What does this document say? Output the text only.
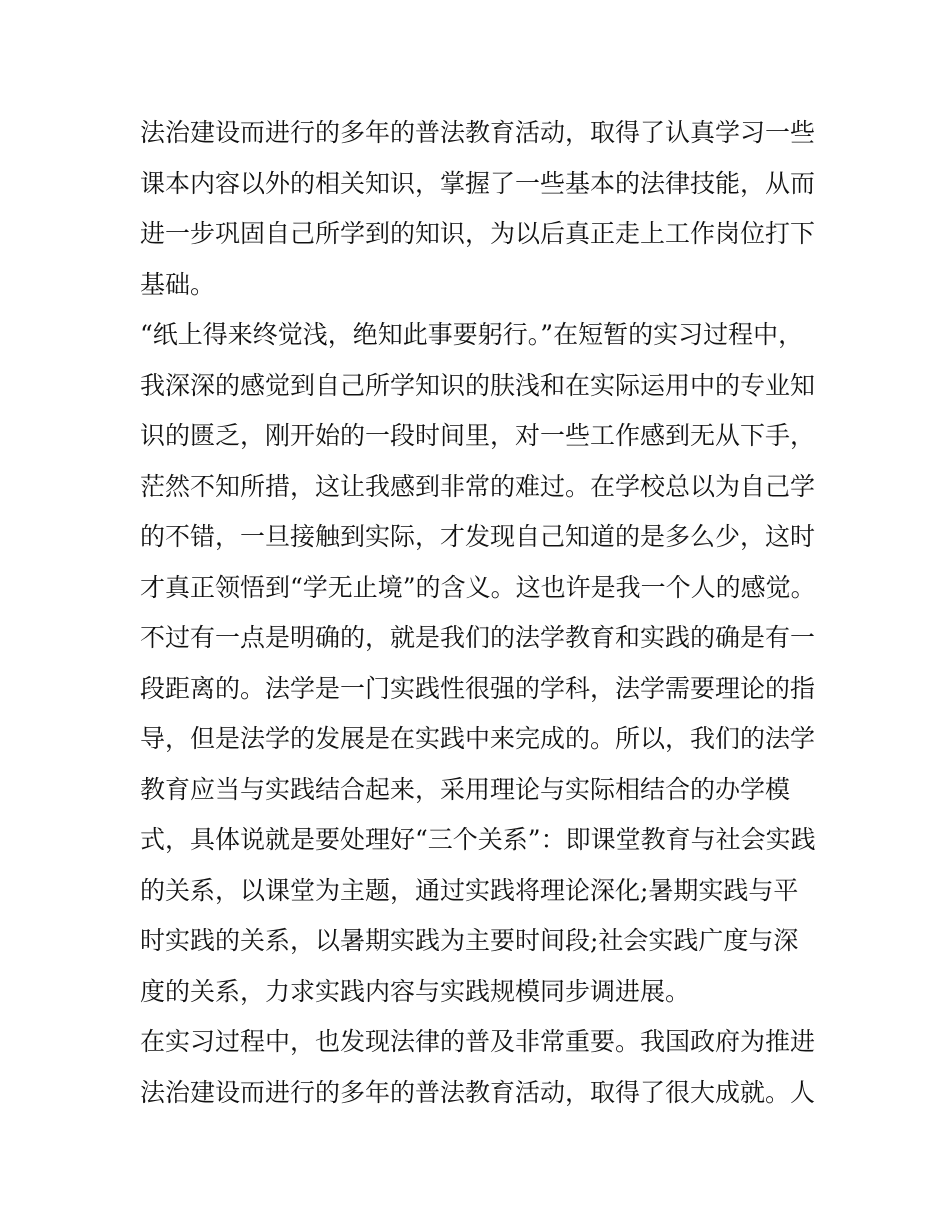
法治建设而进行的多年的普法教育活动，取得了认真学习一些
课本内容以外的相关知识，掌握了一些基本的法律技能，从而
进一步巩固自己所学到的知识，为以后真正走上工作岗位打下
基础。
“纸上得来终觉浅，绝知此事要躬行。”在短暂的实习过程中，
我深深的感觉到自己所学知识的肤浅和在实际运用中的专业知
识的匮乏，刚开始的一段时间里，对一些工作感到无从下手，
茫然不知所措，这让我感到非常的难过。在学校总以为自己学
的不错，一旦接触到实际，才发现自己知道的是多么少，这时
才真正领悟到“学无止境”的含义。这也许是我一个人的感觉。
不过有一点是明确的，就是我们的法学教育和实践的确是有一
段距离的。法学是一门实践性很强的学科，法学需要理论的指
导，但是法学的发展是在实践中来完成的。所以，我们的法学
教育应当与实践结合起来，采用理论与实际相结合的办学模
式，具体说就是要处理好“三个关系”：即课堂教育与社会实践
的关系，以课堂为主题，通过实践将理论深化;暑期实践与平
时实践的关系，以暑期实践为主要时间段;社会实践广度与深
度的关系，力求实践内容与实践规模同步调进展。
在实习过程中，也发现法律的普及非常重要。我国政府为推进
法治建设而进行的多年的普法教育活动，取得了很大成就。人
